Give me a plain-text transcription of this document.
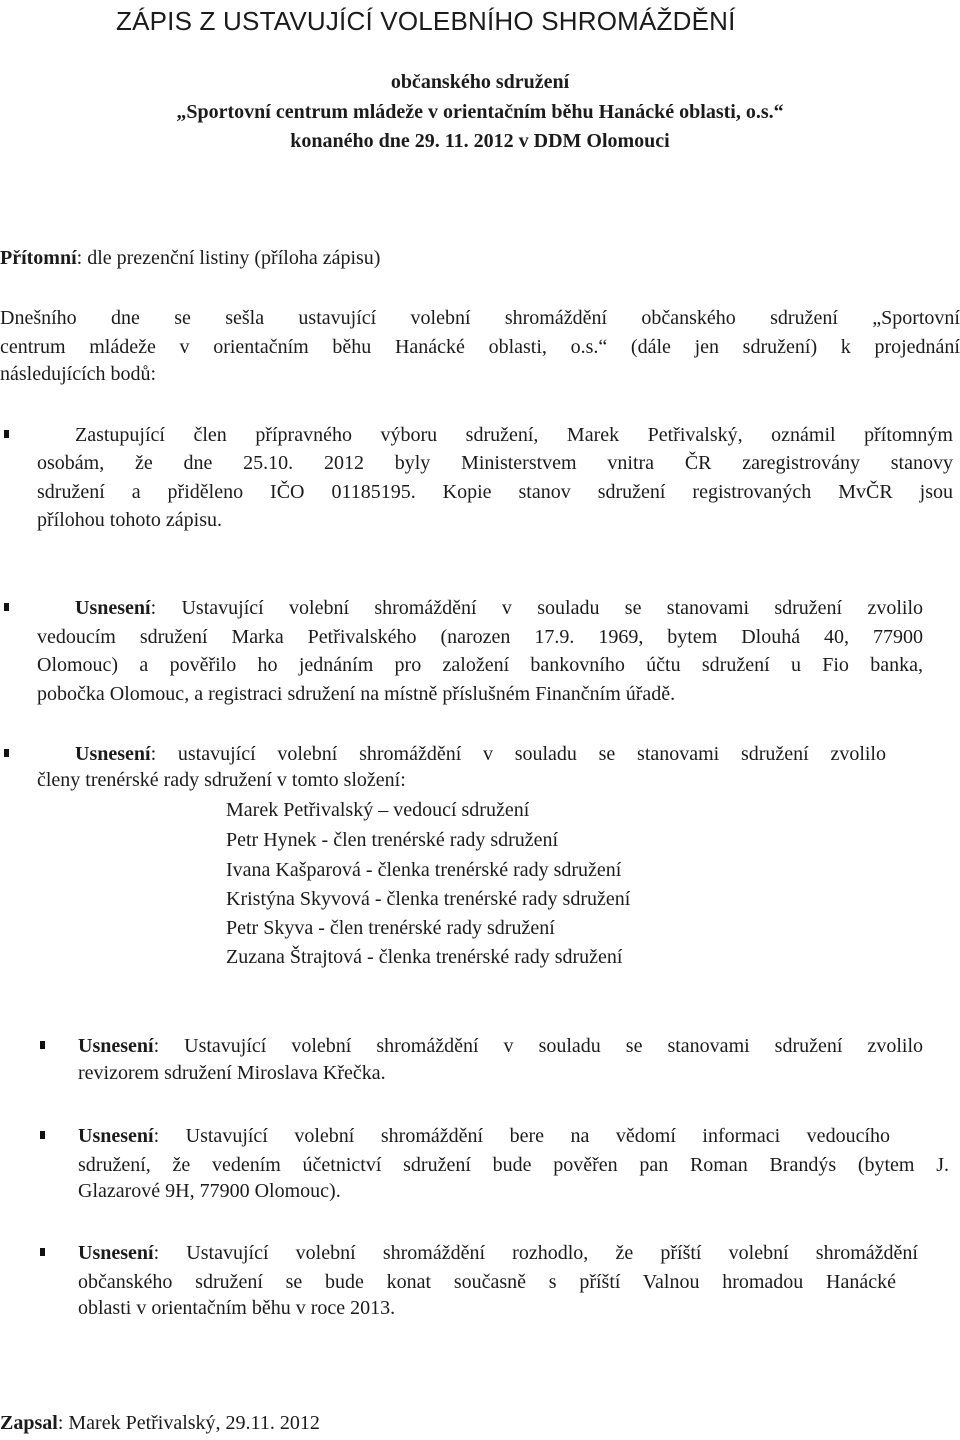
ZÁPIS Z USTAVUJÍCÍ VOLEBNÍHO SHROMÁŽDĚNÍ
občanského sdružení
„Sportovní centrum mládeže v orientačním běhu Hanácké oblasti, o.s.“
konaného dne 29. 11. 2012 v DDM Olomouci
Přítomní: dle prezenční listiny (příloha zápisu)
Dnešního dne se sešla ustavující volební shromáždění občanského sdružení „Sportovní
centrum mládeže v orientačním běhu Hanácké oblasti, o.s.“ (dále jen sdružení) k projednání
následujících bodů:
Zastupující člen přípravného výboru sdružení, Marek Petřivalský, oznámil přítomným
osobám, že dne 25.10. 2012 byly Ministerstvem vnitra ČR zaregistrovány stanovy
sdružení a přiděleno IČO 01185195. Kopie stanov sdružení registrovaných MvČR jsou
přílohou tohoto zápisu.
Usnesení: Ustavující volební shromáždění v souladu se stanovami sdružení zvolilo
vedoucím sdružení Marka Petřivalského (narozen 17.9. 1969, bytem Dlouhá 40, 77900
Olomouc) a pověřilo ho jednáním pro založení bankovního účtu sdružení u Fio banka,
pobočka Olomouc, a registraci sdružení na místně příslušném Finančním úřadě.
Usnesení: ustavující volební shromáždění v souladu se stanovami sdružení zvolilo
členy trenérské rady sdružení v tomto složení:
Marek Petřivalský – vedoucí sdružení
Petr Hynek - člen trenérské rady sdružení
Ivana Kašparová - členka trenérské rady sdružení
Kristýna Skyvová - členka trenérské rady sdružení
Petr Skyva - člen trenérské rady sdružení
Zuzana Štrajtová - členka trenérské rady sdružení
Usnesení: Ustavující volební shromáždění v souladu se stanovami sdružení zvolilo
revizorem sdružení Miroslava Křečka.
Usnesení: Ustavující volební shromáždění bere na vědomí informaci vedoucího
sdružení, že vedením účetnictví sdružení bude pověřen pan Roman Brandýs (bytem J.
Glazarové 9H, 77900 Olomouc).
Usnesení: Ustavující volební shromáždění rozhodlo, že příští volební shromáždění
občanského sdružení se bude konat současně s příští Valnou hromadou Hanácké
oblasti v orientačním běhu v roce 2013.
Zapsal: Marek Petřivalský, 29.11. 2012
